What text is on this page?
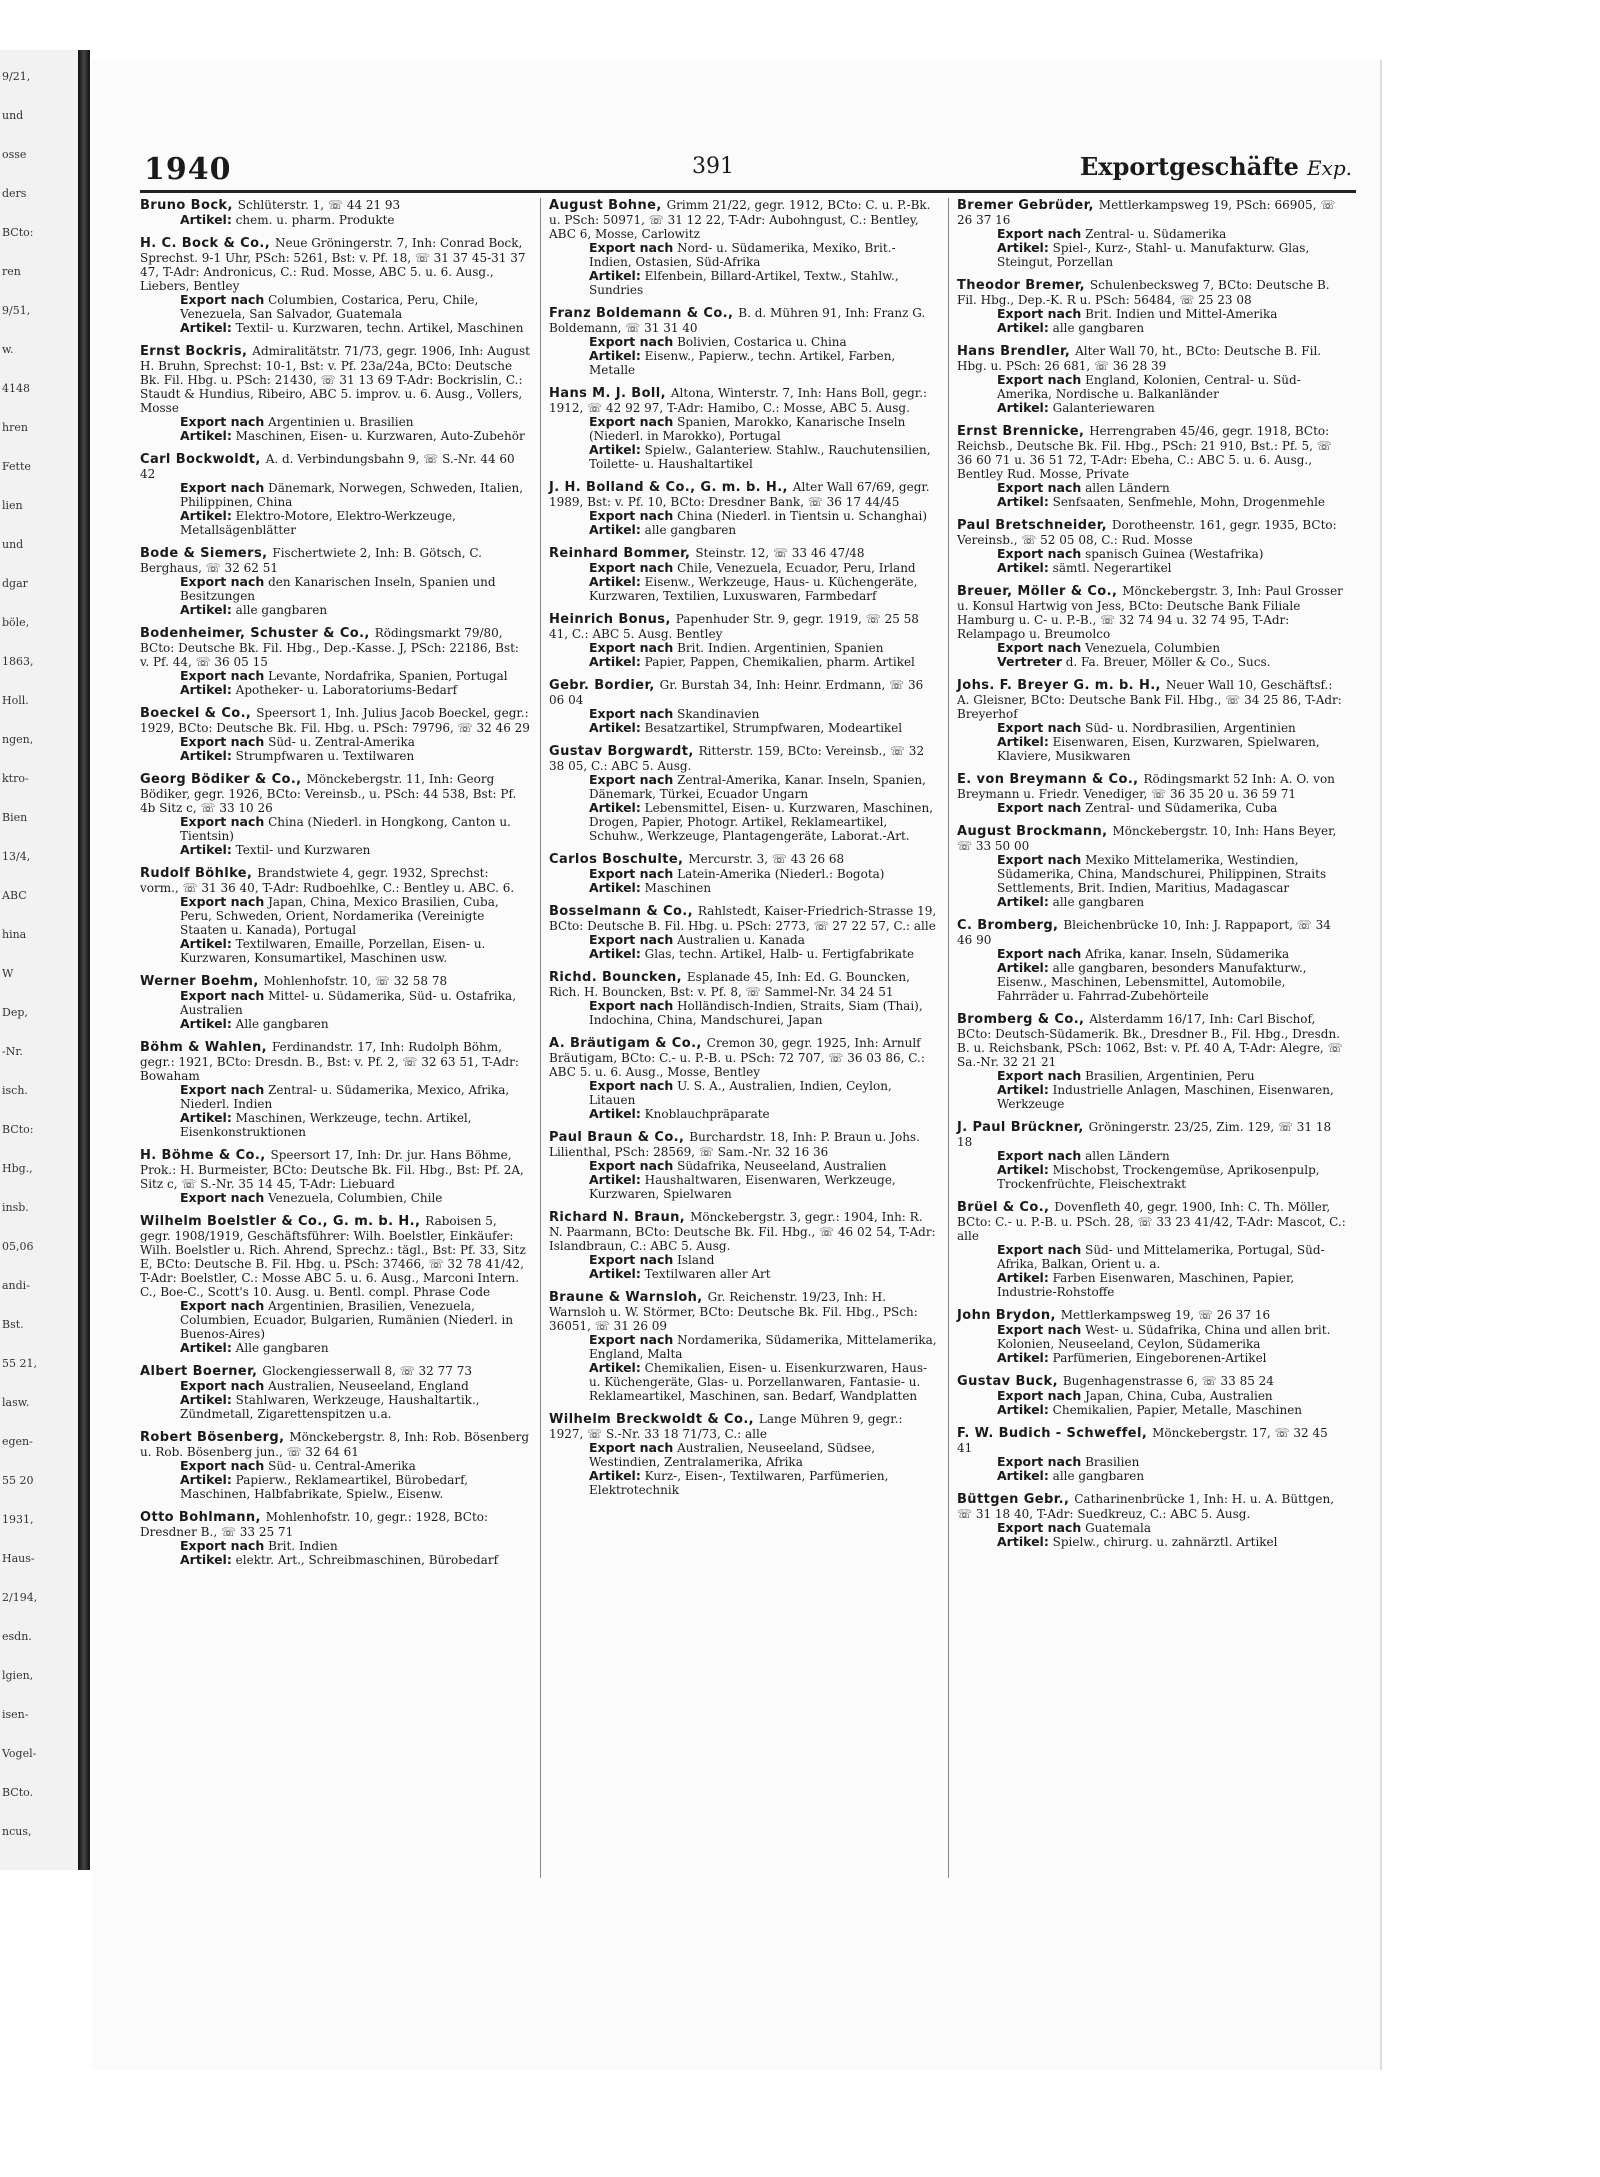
9/21,
und
osse
ders
BCto:
ren
9/51,
w.
4148
hren
Fette
lien
und
dgar
böle,
1863,
Holl.
ngen,
ktro-
Bien
13/4,
ABC
hina
W
Dep,
-Nr.
isch.
BCto:
Hbg.,
insb.
05,06
andi-
Bst.
55 21,
lasw.
egen-
55 20
1931,
Haus-
2/194,
esdn.
lgien,
isen-
Vogel-
BCto.
ncus,
1940	391	Exportgeschäfte Exp.
Bruno Bock, Schlüterstr. 1, ☏ 44 21 93
Artikel: chem. u. pharm. Produkte
H. C. Bock & Co., Neue Gröningerstr. 7, Inh: Conrad Bock, Sprechst. 9-1 Uhr, PSch: 5261, Bst: v. Pf. 18, ☏ 31 37 45-31 37 47, T-Adr: Andronicus, C.: Rud. Mosse, ABC 5. u. 6. Ausg., Liebers, Bentley
Export nach Columbien, Costarica, Peru, Chile, Venezuela, San Salvador, Guatemala
Artikel: Textil- u. Kurzwaren, techn. Artikel, Maschinen
Ernst Bockris, Admiralitätstr. 71/73, gegr. 1906, Inh: August H. Bruhn, Sprechst: 10-1, Bst: v. Pf. 23a/24a, BCto: Deutsche Bk. Fil. Hbg. u. PSch: 21430, ☏ 31 13 69 T-Adr: Bockrislin, C.: Staudt & Hundius, Ribeiro, ABC 5. improv. u. 6. Ausg., Vollers, Mosse
Export nach Argentinien u. Brasilien
Artikel: Maschinen, Eisen- u. Kurzwaren, Auto-Zubehör
Carl Bockwoldt, A. d. Verbindungsbahn 9, ☏ S.-Nr. 44 60 42
Export nach Dänemark, Norwegen, Schweden, Italien, Philippinen, China
Artikel: Elektro-Motore, Elektro-Werkzeuge, Metallsägenblätter
Bode & Siemers, Fischertwiete 2, Inh: B. Götsch, C. Berghaus, ☏ 32 62 51
Export nach den Kanarischen Inseln, Spanien und Besitzungen
Artikel: alle gangbaren
Bodenheimer, Schuster & Co., Rödingsmarkt 79/80, BCto: Deutsche Bk. Fil. Hbg., Dep.-Kasse. J, PSch: 22186, Bst: v. Pf. 44, ☏ 36 05 15
Export nach Levante, Nordafrika, Spanien, Portugal
Artikel: Apotheker- u. Laboratoriums-Bedarf
Boeckel & Co., Speersort 1, Inh. Julius Jacob Boeckel, gegr.: 1929, BCto: Deutsche Bk. Fil. Hbg. u. PSch: 79796, ☏ 32 46 29
Export nach Süd- u. Zentral-Amerika
Artikel: Strumpfwaren u. Textilwaren
Georg Bödiker & Co., Mönckebergstr. 11, Inh: Georg Bödiker, gegr. 1926, BCto: Vereinsb., u. PSch: 44 538, Bst: Pf. 4b Sitz c, ☏ 33 10 26
Export nach China (Niederl. in Hongkong, Canton u. Tientsin)
Artikel: Textil- und Kurzwaren
Rudolf Böhlke, Brandstwiete 4, gegr. 1932, Sprechst: vorm., ☏ 31 36 40, T-Adr: Rudboehlke, C.: Bentley u. ABC. 6.
Export nach Japan, China, Mexico Brasilien, Cuba, Peru, Schweden, Orient, Nordamerika (Vereinigte Staaten u. Kanada), Portugal
Artikel: Textilwaren, Emaille, Porzellan, Eisen- u. Kurzwaren, Konsumartikel, Maschinen usw.
Werner Boehm, Mohlenhofstr. 10, ☏ 32 58 78
Export nach Mittel- u. Südamerika, Süd- u. Ostafrika, Australien
Artikel: Alle gangbaren
Böhm & Wahlen, Ferdinandstr. 17, Inh: Rudolph Böhm, gegr.: 1921, BCto: Dresdn. B., Bst: v. Pf. 2, ☏ 32 63 51, T-Adr: Bowaham
Export nach Zentral- u. Südamerika, Mexico, Afrika, Niederl. Indien
Artikel: Maschinen, Werkzeuge, techn. Artikel, Eisenkonstruktionen
H. Böhme & Co., Speersort 17, Inh: Dr. jur. Hans Böhme, Prok.: H. Burmeister, BCto: Deutsche Bk. Fil. Hbg., Bst: Pf. 2A, Sitz c, ☏ S.-Nr. 35 14 45, T-Adr: Liebuard
Export nach Venezuela, Columbien, Chile
Wilhelm Boelstler & Co., G. m. b. H., Raboisen 5, gegr. 1908/1919, Geschäftsführer: Wilh. Boelstler, Einkäufer: Wilh. Boelstler u. Rich. Ahrend, Sprechz.: tägl., Bst: Pf. 33, Sitz E, BCto: Deutsche B. Fil. Hbg. u. PSch: 37466, ☏ 32 78 41/42, T-Adr: Boelstler, C.: Mosse ABC 5. u. 6. Ausg., Marconi Intern. C., Boe-C., Scott's 10. Ausg. u. Bentl. compl. Phrase Code
Export nach Argentinien, Brasilien, Venezuela, Columbien, Ecuador, Bulgarien, Rumänien (Niederl. in Buenos-Aires)
Artikel: Alle gangbaren
Albert Boerner, Glockengiesserwall 8, ☏ 32 77 73
Export nach Australien, Neuseeland, England
Artikel: Stahlwaren, Werkzeuge, Haushaltartik., Zündmetall, Zigarettenspitzen u.a.
Robert Bösenberg, Mönckebergstr. 8, Inh: Rob. Bösenberg u. Rob. Bösenberg jun., ☏ 32 64 61
Export nach Süd- u. Central-Amerika
Artikel: Papierw., Reklameartikel, Bürobedarf, Maschinen, Halbfabrikate, Spielw., Eisenw.
Otto Bohlmann, Mohlenhofstr. 10, gegr.: 1928, BCto: Dresdner B., ☏ 33 25 71
Export nach Brit. Indien
Artikel: elektr. Art., Schreibmaschinen, Bürobedarf
August Bohne, Grimm 21/22, gegr. 1912, BCto: C. u. P.-Bk. u. PSch: 50971, ☏ 31 12 22, T-Adr: Aubohngust, C.: Bentley, ABC 6, Mosse, Carlowitz
Export nach Nord- u. Südamerika, Mexiko, Brit.-Indien, Ostasien, Süd-Afrika
Artikel: Elfenbein, Billard-Artikel, Textw., Stahlw., Sundries
Franz Boldemann & Co., B. d. Mühren 91, Inh: Franz G. Boldemann, ☏ 31 31 40
Export nach Bolivien, Costarica u. China
Artikel: Eisenw., Papierw., techn. Artikel, Farben, Metalle
Hans M. J. Boll, Altona, Winterstr. 7, Inh: Hans Boll, gegr.: 1912, ☏ 42 92 97, T-Adr: Hamibo, C.: Mosse, ABC 5. Ausg.
Export nach Spanien, Marokko, Kanarische Inseln (Niederl. in Marokko), Portugal
Artikel: Spielw., Galanteriew. Stahlw., Rauchutensilien, Toilette- u. Haushaltartikel
J. H. Bolland & Co., G. m. b. H., Alter Wall 67/69, gegr. 1989, Bst: v. Pf. 10, BCto: Dresdner Bank, ☏ 36 17 44/45
Export nach China (Niederl. in Tientsin u. Schanghai)
Artikel: alle gangbaren
Reinhard Bommer, Steinstr. 12, ☏ 33 46 47/48
Export nach Chile, Venezuela, Ecuador, Peru, Irland
Artikel: Eisenw., Werkzeuge, Haus- u. Küchengeräte, Kurzwaren, Textilien, Luxuswaren, Farmbedarf
Heinrich Bonus, Papenhuder Str. 9, gegr. 1919, ☏ 25 58 41, C.: ABC 5. Ausg. Bentley
Export nach Brit. Indien. Argentinien, Spanien
Artikel: Papier, Pappen, Chemikalien, pharm. Artikel
Gebr. Bordier, Gr. Burstah 34, Inh: Heinr. Erdmann, ☏ 36 06 04
Export nach Skandinavien
Artikel: Besatzartikel, Strumpfwaren, Modeartikel
Gustav Borgwardt, Ritterstr. 159, BCto: Vereinsb., ☏ 32 38 05, C.: ABC 5. Ausg.
Export nach Zentral-Amerika, Kanar. Inseln, Spanien, Dänemark, Türkei, Ecuador Ungarn
Artikel: Lebensmittel, Eisen- u. Kurzwaren, Maschinen, Drogen, Papier, Photogr. Artikel, Reklameartikel, Schuhw., Werkzeuge, Plantagengeräte, Laborat.-Art.
Carlos Boschulte, Mercurstr. 3, ☏ 43 26 68
Export nach Latein-Amerika (Niederl.: Bogota)
Artikel: Maschinen
Bosselmann & Co., Rahlstedt, Kaiser-Friedrich-Strasse 19, BCto: Deutsche B. Fil. Hbg. u. PSch: 2773, ☏ 27 22 57, C.: alle
Export nach Australien u. Kanada
Artikel: Glas, techn. Artikel, Halb- u. Fertigfabrikate
Richd. Bouncken, Esplanade 45, Inh: Ed. G. Bouncken, Rich. H. Bouncken, Bst: v. Pf. 8, ☏ Sammel-Nr. 34 24 51
Export nach Holländisch-Indien, Straits, Siam (Thai), Indochina, China, Mandschurei, Japan
A. Bräutigam & Co., Cremon 30, gegr. 1925, Inh: Arnulf Bräutigam, BCto: C.- u. P.-B. u. PSch: 72 707, ☏ 36 03 86, C.: ABC 5. u. 6. Ausg., Mosse, Bentley
Export nach U. S. A., Australien, Indien, Ceylon, Litauen
Artikel: Knoblauchpräparate
Paul Braun & Co., Burchardstr. 18, Inh: P. Braun u. Johs. Lilienthal, PSch: 28569, ☏ Sam.-Nr. 32 16 36
Export nach Südafrika, Neuseeland, Australien
Artikel: Haushaltwaren, Eisenwaren, Werkzeuge, Kurzwaren, Spielwaren
Richard N. Braun, Mönckebergstr. 3, gegr.: 1904, Inh: R. N. Paarmann, BCto: Deutsche Bk. Fil. Hbg., ☏ 46 02 54, T-Adr: Islandbraun, C.: ABC 5. Ausg.
Export nach Island
Artikel: Textilwaren aller Art
Braune & Warnsloh, Gr. Reichenstr. 19/23, Inh: H. Warnsloh u. W. Störmer, BCto: Deutsche Bk. Fil. Hbg., PSch: 36051, ☏ 31 26 09
Export nach Nordamerika, Südamerika, Mittelamerika, England, Malta
Artikel: Chemikalien, Eisen- u. Eisenkurzwaren, Haus- u. Küchengeräte, Glas- u. Porzellanwaren, Fantasie- u. Reklameartikel, Maschinen, san. Bedarf, Wandplatten
Wilhelm Breckwoldt & Co., Lange Mühren 9, gegr.: 1927, ☏ S.-Nr. 33 18 71/73, C.: alle
Export nach Australien, Neuseeland, Südsee, Westindien, Zentralamerika, Afrika
Artikel: Kurz-, Eisen-, Textilwaren, Parfümerien, Elektrotechnik
Bremer Gebrüder, Mettlerkampsweg 19, PSch: 66905, ☏ 26 37 16
Export nach Zentral- u. Südamerika
Artikel: Spiel-, Kurz-, Stahl- u. Manufakturw. Glas, Steingut, Porzellan
Theodor Bremer, Schulenbecksweg 7, BCto: Deutsche B. Fil. Hbg., Dep.-K. R u. PSch: 56484, ☏ 25 23 08
Export nach Brit. Indien und Mittel-Amerika
Artikel: alle gangbaren
Hans Brendler, Alter Wall 70, ht., BCto: Deutsche B. Fil. Hbg. u. PSch: 26 681, ☏ 36 28 39
Export nach England, Kolonien, Central- u. Süd-Amerika, Nordische u. Balkanländer
Artikel: Galanteriewaren
Ernst Brennicke, Herrengraben 45/46, gegr. 1918, BCto: Reichsb., Deutsche Bk. Fil. Hbg., PSch: 21 910, Bst.: Pf. 5, ☏ 36 60 71 u. 36 51 72, T-Adr: Ebeha, C.: ABC 5. u. 6. Ausg., Bentley Rud. Mosse, Private
Export nach allen Ländern
Artikel: Senfsaaten, Senfmehle, Mohn, Drogenmehle
Paul Bretschneider, Dorotheenstr. 161, gegr. 1935, BCto: Vereinsb., ☏ 52 05 08, C.: Rud. Mosse
Export nach spanisch Guinea (Westafrika)
Artikel: sämtl. Negerartikel
Breuer, Möller & Co., Mönckebergstr. 3, Inh: Paul Grosser u. Konsul Hartwig von Jess, BCto: Deutsche Bank Filiale Hamburg u. C- u. P.-B., ☏ 32 74 94 u. 32 74 95, T-Adr: Relampago u. Breumolco
Export nach Venezuela, Columbien
Vertreter d. Fa. Breuer, Möller & Co., Sucs.
Johs. F. Breyer G. m. b. H., Neuer Wall 10, Geschäftsf.: A. Gleisner, BCto: Deutsche Bank Fil. Hbg., ☏ 34 25 86, T-Adr: Breyerhof
Export nach Süd- u. Nordbrasilien, Argentinien
Artikel: Eisenwaren, Eisen, Kurzwaren, Spielwaren, Klaviere, Musikwaren
E. von Breymann & Co., Rödingsmarkt 52 Inh: A. O. von Breymann u. Friedr. Venediger, ☏ 36 35 20 u. 36 59 71
Export nach Zentral- und Südamerika, Cuba
August Brockmann, Mönckebergstr. 10, Inh: Hans Beyer, ☏ 33 50 00
Export nach Mexiko Mittelamerika, Westindien, Südamerika, China, Mandschurei, Philippinen, Straits Settlements, Brit. Indien, Maritius, Madagascar
Artikel: alle gangbaren
C. Bromberg, Bleichenbrücke 10, Inh: J. Rappaport, ☏ 34 46 90
Export nach Afrika, kanar. Inseln, Südamerika
Artikel: alle gangbaren, besonders Manufakturw., Eisenw., Maschinen, Lebensmittel, Automobile, Fahrräder u. Fahrrad-Zubehörteile
Bromberg & Co., Alsterdamm 16/17, Inh: Carl Bischof, BCto: Deutsch-Südamerik. Bk., Dresdner B., Fil. Hbg., Dresdn. B. u. Reichsbank, PSch: 1062, Bst: v. Pf. 40 A, T-Adr: Alegre, ☏ Sa.-Nr. 32 21 21
Export nach Brasilien, Argentinien, Peru
Artikel: Industrielle Anlagen, Maschinen, Eisenwaren, Werkzeuge
J. Paul Brückner, Gröningerstr. 23/25, Zim. 129, ☏ 31 18 18
Export nach allen Ländern
Artikel: Mischobst, Trockengemüse, Aprikosenpulp, Trockenfrüchte, Fleischextrakt
Brüel & Co., Dovenfleth 40, gegr. 1900, Inh: C. Th. Möller, BCto: C.- u. P.-B. u. PSch. 28, ☏ 33 23 41/42, T-Adr: Mascot, C.: alle
Export nach Süd- und Mittelamerika, Portugal, Süd-Afrika, Balkan, Orient u. a.
Artikel: Farben Eisenwaren, Maschinen, Papier, Industrie-Rohstoffe
John Brydon, Mettlerkampsweg 19, ☏ 26 37 16
Export nach West- u. Südafrika, China und allen brit. Kolonien, Neuseeland, Ceylon, Südamerika
Artikel: Parfümerien, Eingeborenen-Artikel
Gustav Buck, Bugenhagenstrasse 6, ☏ 33 85 24
Export nach Japan, China, Cuba, Australien
Artikel: Chemikalien, Papier, Metalle, Maschinen
F. W. Budich - Schweffel, Mönckebergstr. 17, ☏ 32 45 41
Export nach Brasilien
Artikel: alle gangbaren
Büttgen Gebr., Catharinenbrücke 1, Inh: H. u. A. Büttgen, ☏ 31 18 40, T-Adr: Suedkreuz, C.: ABC 5. Ausg.
Export nach Guatemala
Artikel: Spielw., chirurg. u. zahnärztl. Artikel
